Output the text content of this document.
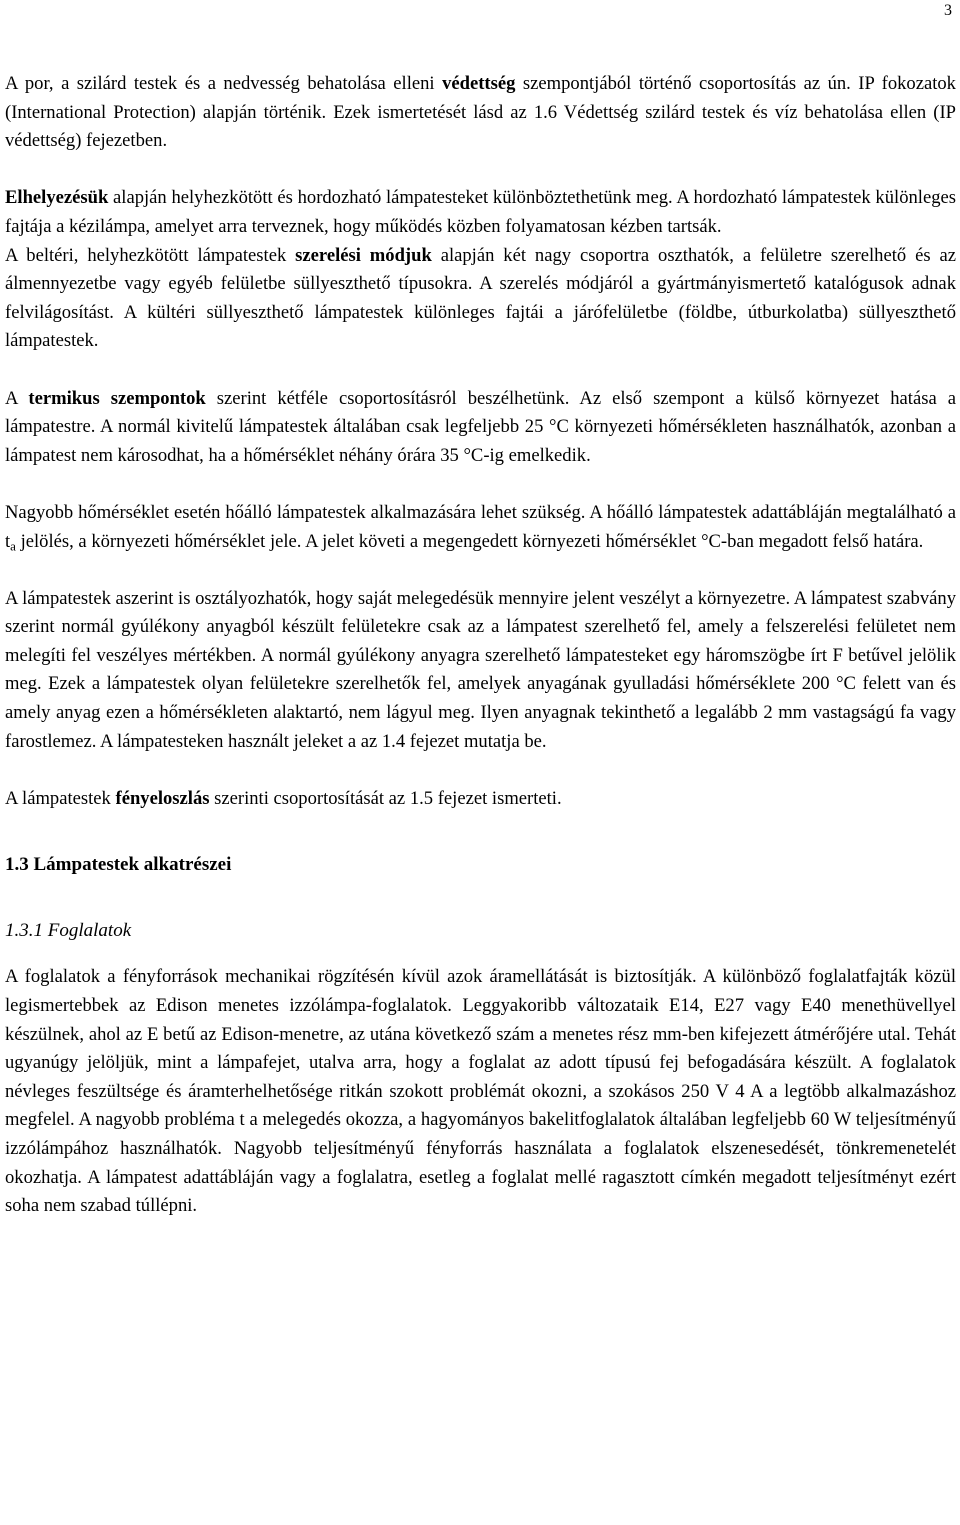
3

A por, a szilárd testek és a nedvesség behatolása elleni védettség szempontjából történő csoportosítás az ún. IP fokozatok (International Protection) alapján történik. Ezek ismertetését lásd az 1.6 Védettség szilárd testek és víz behatolása ellen (IP védettség) fejezetben.

Elhelyezésük alapján helyhezkötött és hordozható lámpatesteket különböztethetünk meg. A hordozható lámpatestek különleges fajtája a kézilámpa, amelyet arra terveznek, hogy működés közben folyamatosan kézben tartsák.

A beltéri, helyhezkötött lámpatestek szerelési módjuk alapján két nagy csoportra oszthatók, a felületre szerelhető és az álmennyezetbe vagy egyéb felületbe süllyeszthető típusokra. A szerelés módjáról a gyártmányismertető katalógusok adnak felvilágosítást. A kültéri süllyeszthető lámpatestek különleges fajtái a járófelületbe (földbe, útburkolatba) süllyeszthető lámpatestek.

A termikus szempontok szerint kétféle csoportosításról beszélhetünk. Az első szempont a külső környezet hatása a lámpatestre. A normál kivitelű lámpatestek általában csak legfeljebb 25 °C környezeti hőmérsékleten használhatók, azonban a lámpatest nem károsodhat, ha a hőmérséklet néhány órára 35 °C-ig emelkedik.

Nagyobb hőmérséklet esetén hőálló lámpatestek alkalmazására lehet szükség. A hőálló lámpatestek adattábláján megtalálható a $t_a$ jelölés, a környezeti hőmérséklet jele. A jelet követi a megengedett környezeti hőmérséklet °C-ban megadott felső határa.

A lámpatestek aszerint is osztályozhatók, hogy saját melegedésük mennyire jelent veszélyt a környezetre. A lámpatest szabvány szerint normál gyúlékony anyagból készült felületekre csak az a lámpatest szerelhető fel, amely a felszerelési felületet nem melegíti fel veszélyes mértékben. A normál gyúlékony anyagra szerelhető lámpatesteket egy háromszögbe írt F betűvel jelölik meg. Ezek a lámpatestek olyan felületekre szerelhetők fel, amelyek anyagának gyulladási hőmérséklete 200 °C felett van és amely anyag ezen a hőmérsékleten alaktartó, nem lágyul meg. Ilyen anyagnak tekinthető a legalább 2 mm vastagságú fa vagy farostlemez. A lámpatesteken használt jeleket a az 1.4 fejezet mutatja be.

A lámpatestek fényeloszlás szerinti csoportosítását az 1.5 fejezet ismerteti.

1.3 Lámpatestek alkatrészei
1.3.1 Foglalatok

A foglalatok a fényforrások mechanikai rögzítésén kívül azok áramellátását is biztosítják. A különböző foglalatfajták közül legismertebbek az Edison menetes izzólámpa-foglalatok. Leggyakoribb változataik E14, E27 vagy E40 menethüvellyel készülnek, ahol az E betű az Edison-menetre, az utána következő szám a menetes rész mm-ben kifejezett átmérőjére utal. Tehát ugyanúgy jelöljük, mint a lámpafejet, utalva arra, hogy a foglalat az adott típusú fej befogadására készült. A foglalatok névleges feszültsége és áramterhelhetősége ritkán szokott problémát okozni, a szokásos 250 V 4 A a legtöbb alkalmazáshoz megfelel. A nagyobb probléma t a melegedés okozza, a hagyományos bakelitfoglalatok általában legfeljebb 60 W teljesítményű izzólámpához használhatók. Nagyobb teljesítményű fényforrás használata a foglalatok elszenesedését, tönkremenetelét okozhatja. A lámpatest adattábláján vagy a foglalatra, esetleg a foglalat mellé ragasztott címkén megadott teljesítményt ezért soha nem szabad túllépni.
